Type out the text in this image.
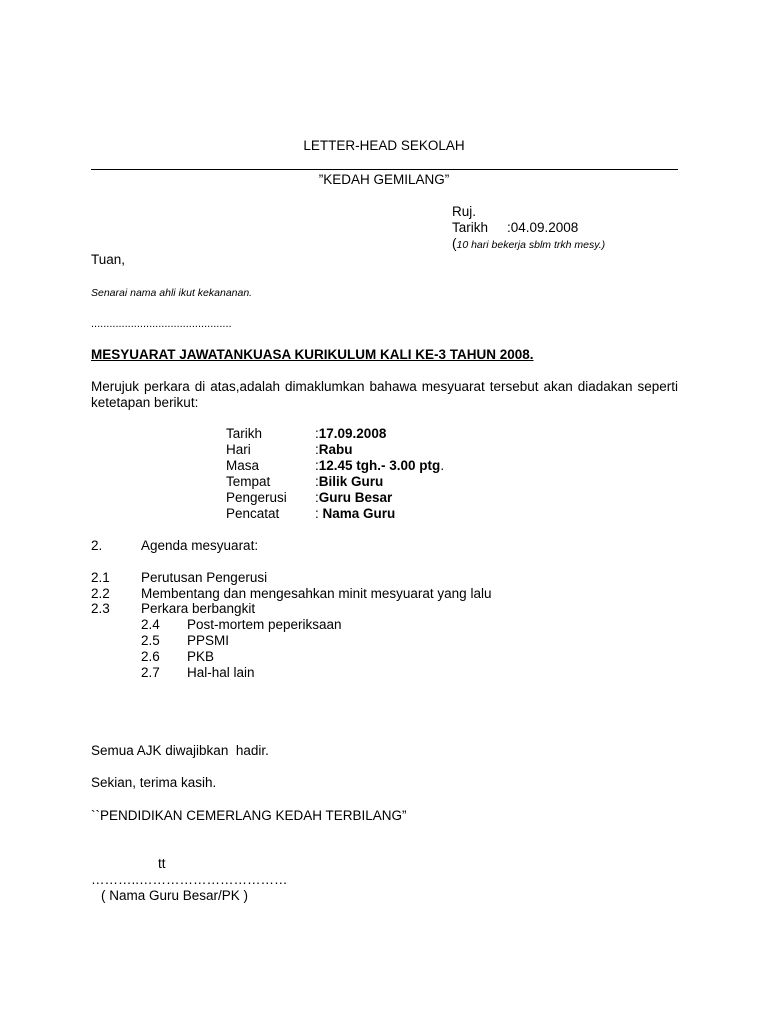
LETTER-HEAD SEKOLAH
”KEDAH GEMILANG”
Ruj.
Tarikh :04.09.2008
(10 hari bekerja sblm trkh mesy.)
Tuan,
Senarai nama ahli ikut kekananan.
..............................................
MESYUARAT JAWATANKUASA KURIKULUM KALI KE-3 TAHUN 2008.
Merujuk perkara di atas,adalah dimaklumkan bahawa mesyuarat tersebut akan diadakan seperti ketetapan berikut:
Tarikh	:17.09.2008
Hari	:Rabu
Masa	:12.45 tgh.- 3.00 ptg.
Tempat	:Bilik Guru
Pengerusi :Guru Besar
Pencatat	: Nama Guru
2.	Agenda mesyuarat:
2.1 Perutusan Pengerusi
2.2 Membentang dan mengesahkan minit mesyuarat yang lalu
2.3 Perkara berbangkit
2.4 Post-mortem peperiksaan
2.5 PPSMI
2.6 PKB
2.7 Hal-hal lain
Semua AJK diwajibkan  hadir.
Sekian, terima kasih.
``PENDIDIKAN CEMERLANG KEDAH TERBILANG”
tt
………..……………………………
( Nama Guru Besar/PK )
